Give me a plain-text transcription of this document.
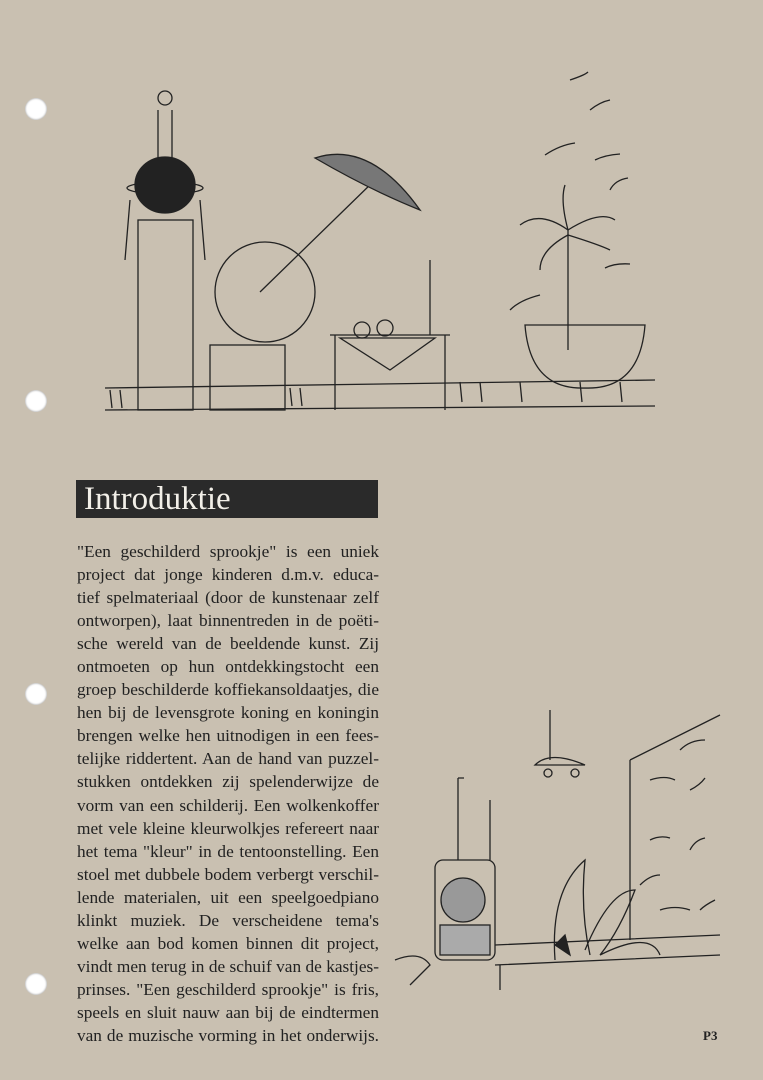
Introduktie
"Een geschilderd sprookje" is een uniek
project dat jonge kinderen d.m.v. educa-
tief spelmateriaal (door de kunstenaar zelf
ontworpen), laat binnentreden in de poëti-
sche wereld van de beeldende kunst. Zij
ontmoeten op hun ontdekkingstocht een
groep beschilderde koffiekansoldaatjes, die
hen bij de levensgrote koning en koningin
brengen welke hen uitnodigen in een fees-
telijke riddertent. Aan de hand van puzzel-
stukken ontdekken zij spelenderwijze de
vorm van een schilderij. Een wolkenkoffer
met vele kleine kleurwolkjes refereert naar
het tema "kleur" in de tentoonstelling. Een
stoel met dubbele bodem verbergt verschil-
lende materialen, uit een speelgoedpiano
klinkt muziek. De verscheidene tema's
welke aan bod komen binnen dit project,
vindt men terug in de schuif van de kastjes-
prinses. "Een geschilderd sprookje" is fris,
speels en sluit nauw aan bij de eindtermen
van de muzische vorming in het onderwijs.	P3
